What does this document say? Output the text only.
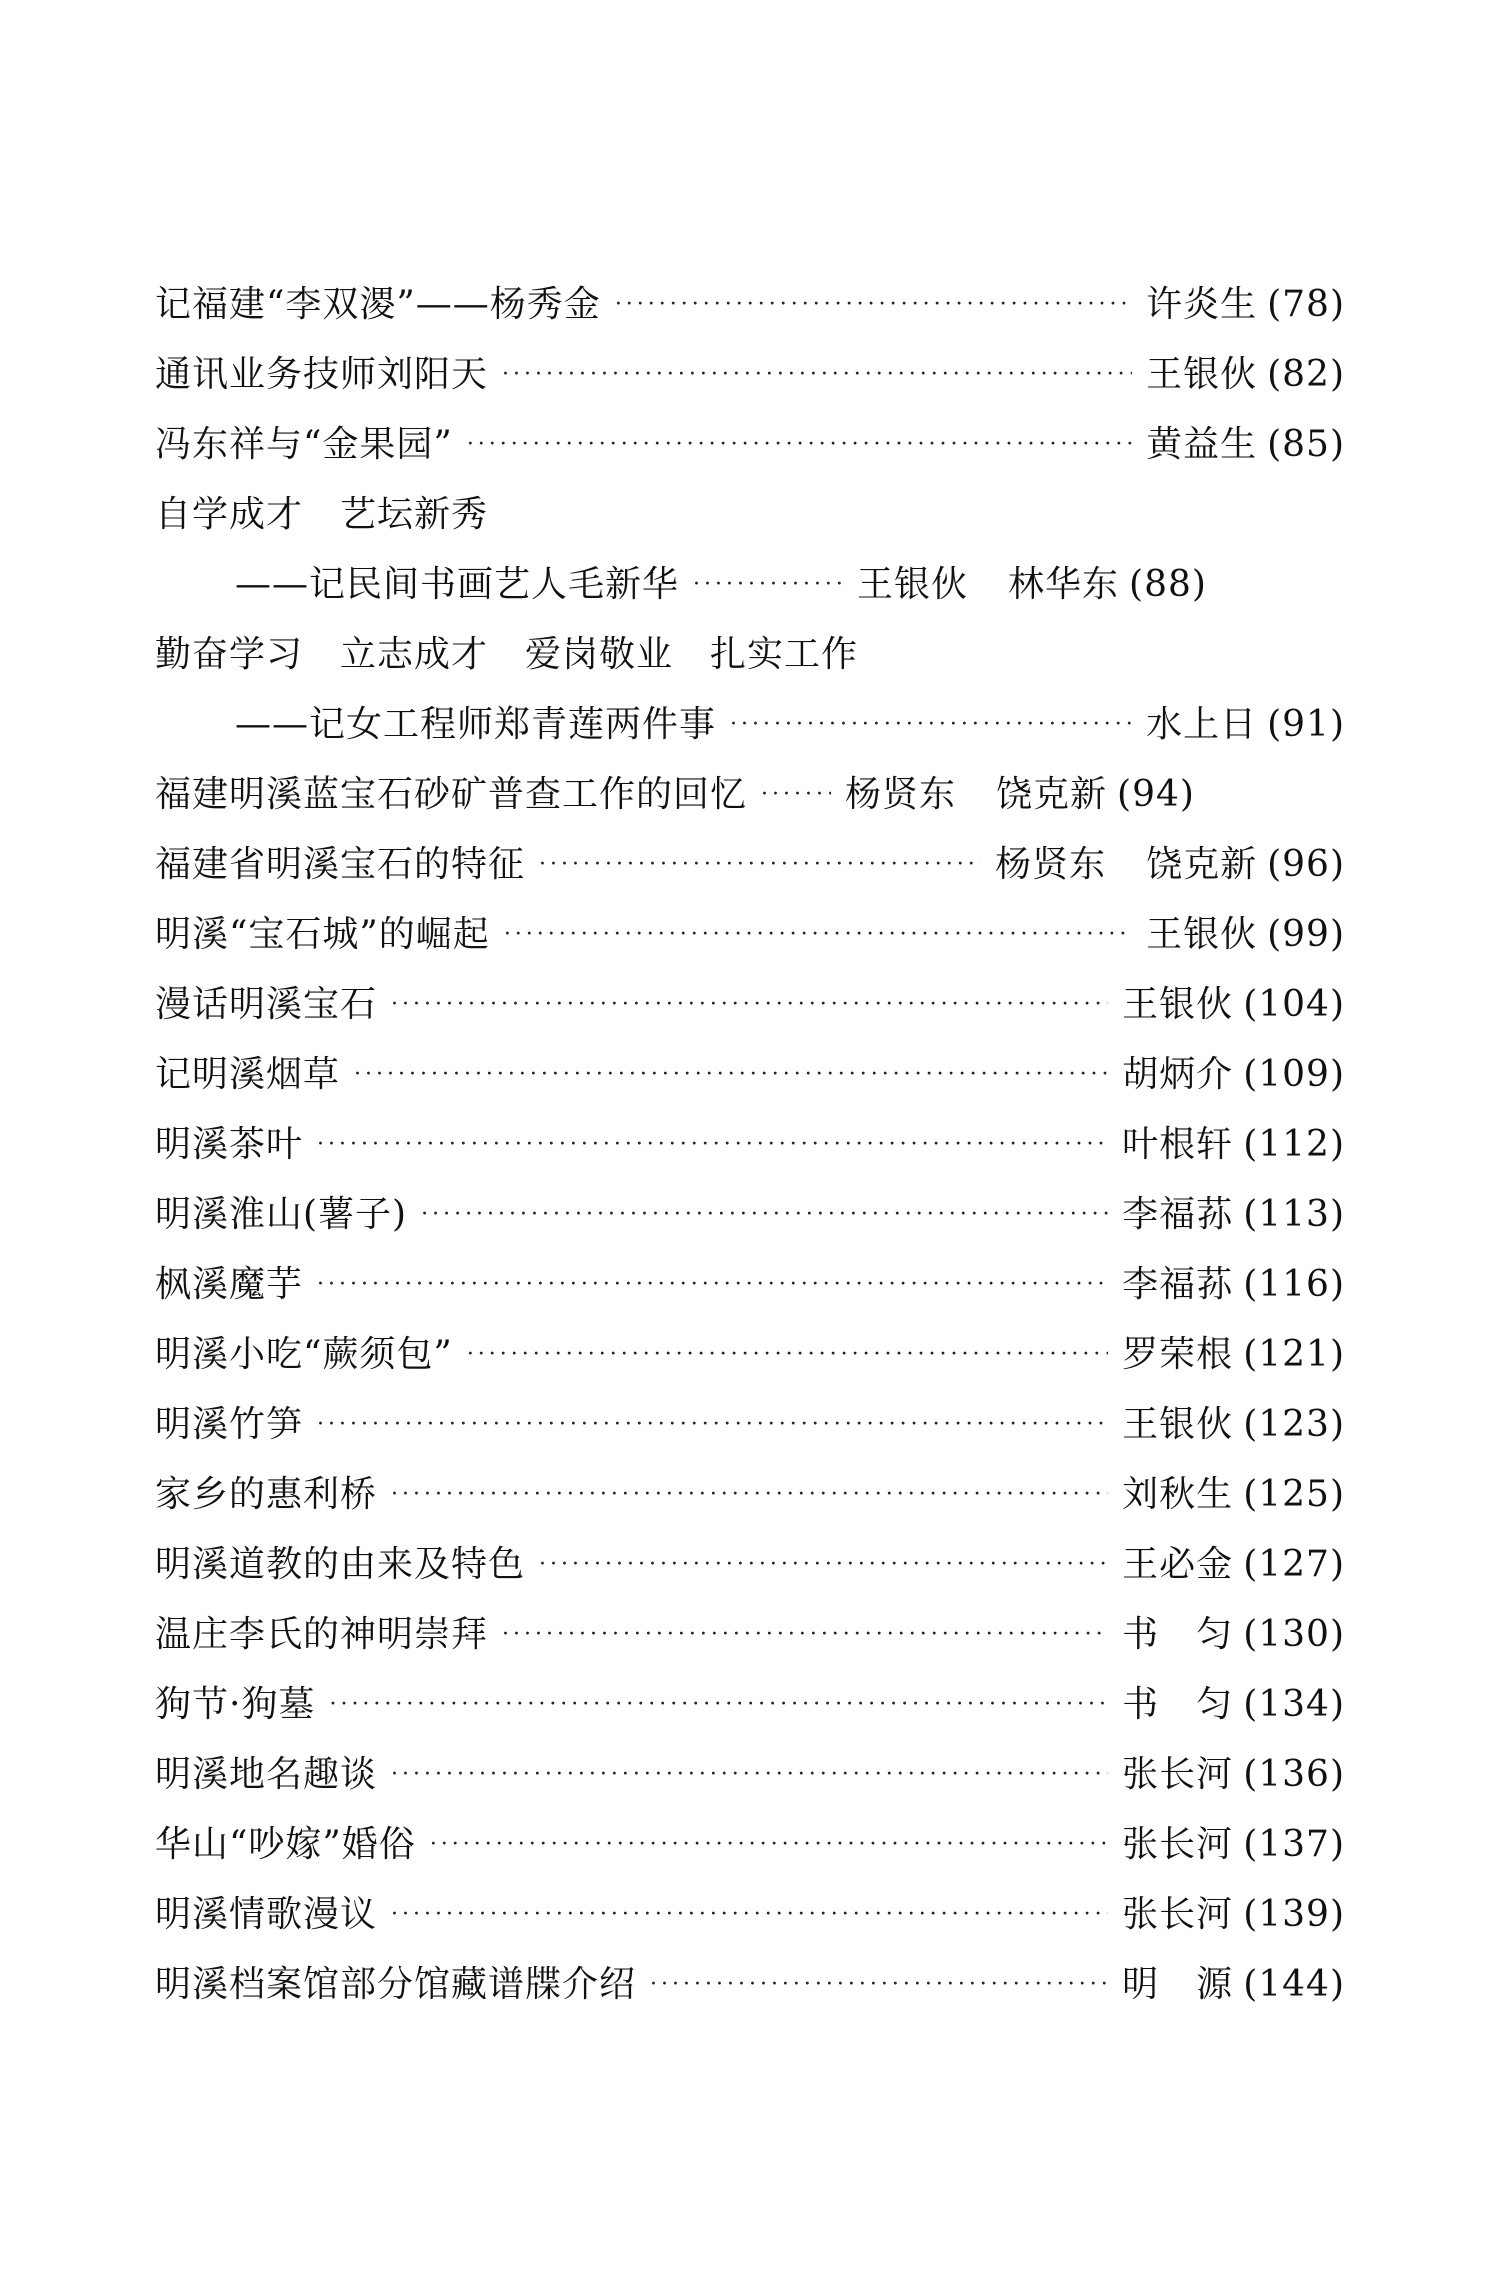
记福建“李双溭”——杨秀金 ·····	许炎生 (78)
通讯业务技师刘阳天 ·····	王银伙 (82)
冯东祥与“金果园” ·····	黄益生 (85)
自学成才　艺坛新秀
——记民间书画艺人毛新华 ·····	王银伙 林华东 (88)
勤奋学习　立志成才　爱岗敬业　扎实工作
——记女工程师郑青莲两件事 ·····	水上日 (91)
福建明溪蓝宝石砂矿普查工作的回忆 ·····	杨贤东 饶克新 (94)
福建省明溪宝石的特征 ·····	杨贤东 饶克新 (96)
明溪“宝石城”的崛起 ·····	王银伙 (99)
漫话明溪宝石 ·····	王银伙 (104)
记明溪烟草 ·····	胡炳介 (109)
明溪茶叶 ·····	叶根轩 (112)
明溪淮山(薯子) ·····	李福荪 (113)
枫溪魔芋 ·····	李福荪 (116)
明溪小吃“蕨须包” ·····	罗荣根 (121)
明溪竹笋 ·····	王银伙 (123)
家乡的惠利桥 ·····	刘秋生 (125)
明溪道教的由来及特色 ·····	王必金 (127)
温庄李氏的神明崇拜 ·····	书　匀 (130)
狗节·狗墓 ·····	书　匀 (134)
明溪地名趣谈 ·····	张长河 (136)
华山“吵嫁”婚俗 ·····	张长河 (137)
明溪情歌漫议 ·····	张长河 (139)
明溪档案馆部分馆藏谱牒介绍 ·····	明　源 (144)
